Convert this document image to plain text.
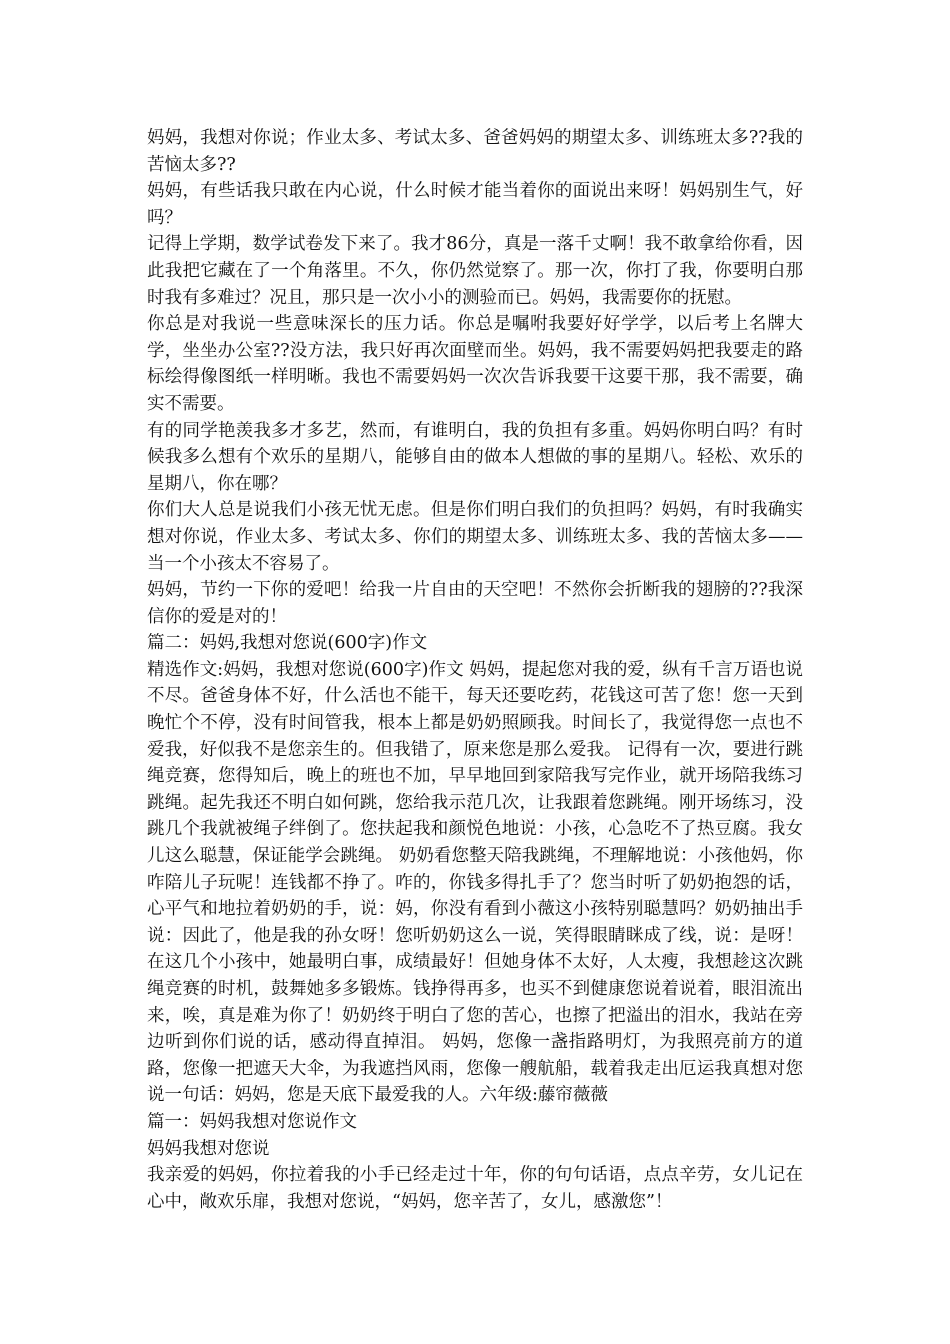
妈妈，我想对你说；作业太多、考试太多、爸爸妈妈的期望太多、训练班太多??我的苦恼太多??

妈妈，有些话我只敢在内心说，什么时候才能当着你的面说出来呀！妈妈别生气，好吗？

记得上学期，数学试卷发下来了。我才86分，真是一落千丈啊！我不敢拿给你看，因此我把它藏在了一个角落里。不久，你仍然觉察了。那一次，你打了我，你要明白那时我有多难过？况且，那只是一次小小的测验而已。妈妈，我需要你的抚慰。

你总是对我说一些意味深长的压力话。你总是嘱咐我要好好学学，以后考上名牌大学，坐坐办公室??没方法，我只好再次面壁而坐。妈妈，我不需要妈妈把我要走的路标绘得像图纸一样明晰。我也不需要妈妈一次次告诉我要干这要干那，我不需要，确实不需要。

有的同学艳羡我多才多艺，然而，有谁明白，我的负担有多重。妈妈你明白吗？有时候我多么想有个欢乐的星期八，能够自由的做本人想做的事的星期八。轻松、欢乐的星期八，你在哪？

你们大人总是说我们小孩无忧无虑。但是你们明白我们的负担吗？妈妈，有时我确实想对你说，作业太多、考试太多、你们的期望太多、训练班太多、我的苦恼太多——当一个小孩太不容易了。

妈妈，节约一下你的爱吧！给我一片自由的天空吧！不然你会折断我的翅膀的??我深信你的爱是对的！

篇二：妈妈,我想对您说(600字)作文

精选作文:妈妈，我想对您说(600字)作文 妈妈，提起您对我的爱，纵有千言万语也说不尽。爸爸身体不好，什么活也不能干，每天还要吃药，花钱这可苦了您！您一天到晚忙个不停，没有时间管我，根本上都是奶奶照顾我。时间长了，我觉得您一点也不爱我，好似我不是您亲生的。但我错了，原来您是那么爱我。 记得有一次，要进行跳绳竞赛，您得知后，晚上的班也不加，早早地回到家陪我写完作业，就开场陪我练习跳绳。起先我还不明白如何跳，您给我示范几次，让我跟着您跳绳。刚开场练习，没跳几个我就被绳子绊倒了。您扶起我和颜悦色地说：小孩，心急吃不了热豆腐。我女儿这么聪慧，保证能学会跳绳。 奶奶看您整天陪我跳绳，不理解地说：小孩他妈，你咋陪儿子玩呢！连钱都不挣了。咋的，你钱多得扎手了？您当时听了奶奶抱怨的话，心平气和地拉着奶奶的手，说：妈，你没有看到小薇这小孩特别聪慧吗？奶奶抽出手说：因此了，他是我的孙女呀！您听奶奶这么一说，笑得眼睛眯成了线，说：是呀！在这几个小孩中，她最明白事，成绩最好！但她身体不太好，人太瘦，我想趁这次跳绳竞赛的时机，鼓舞她多多锻炼。钱挣得再多，也买不到健康您说着说着，眼泪流出来，唉，真是难为你了！奶奶终于明白了您的苦心，也擦了把溢出的泪水，我站在旁边听到你们说的话，感动得直掉泪。 妈妈，您像一盏指路明灯，为我照亮前方的道路，您像一把遮天大伞，为我遮挡风雨，您像一艘航船，载着我走出厄运我真想对您说一句话：妈妈，您是天底下最爱我的人。六年级:藤帘薇薇

篇一：妈妈我想对您说作文

妈妈我想对您说

我亲爱的妈妈，你拉着我的小手已经走过十年，你的句句话语，点点辛劳，女儿记在心中，敞欢乐扉，我想对您说，“妈妈，您辛苦了，女儿，感激您”！
